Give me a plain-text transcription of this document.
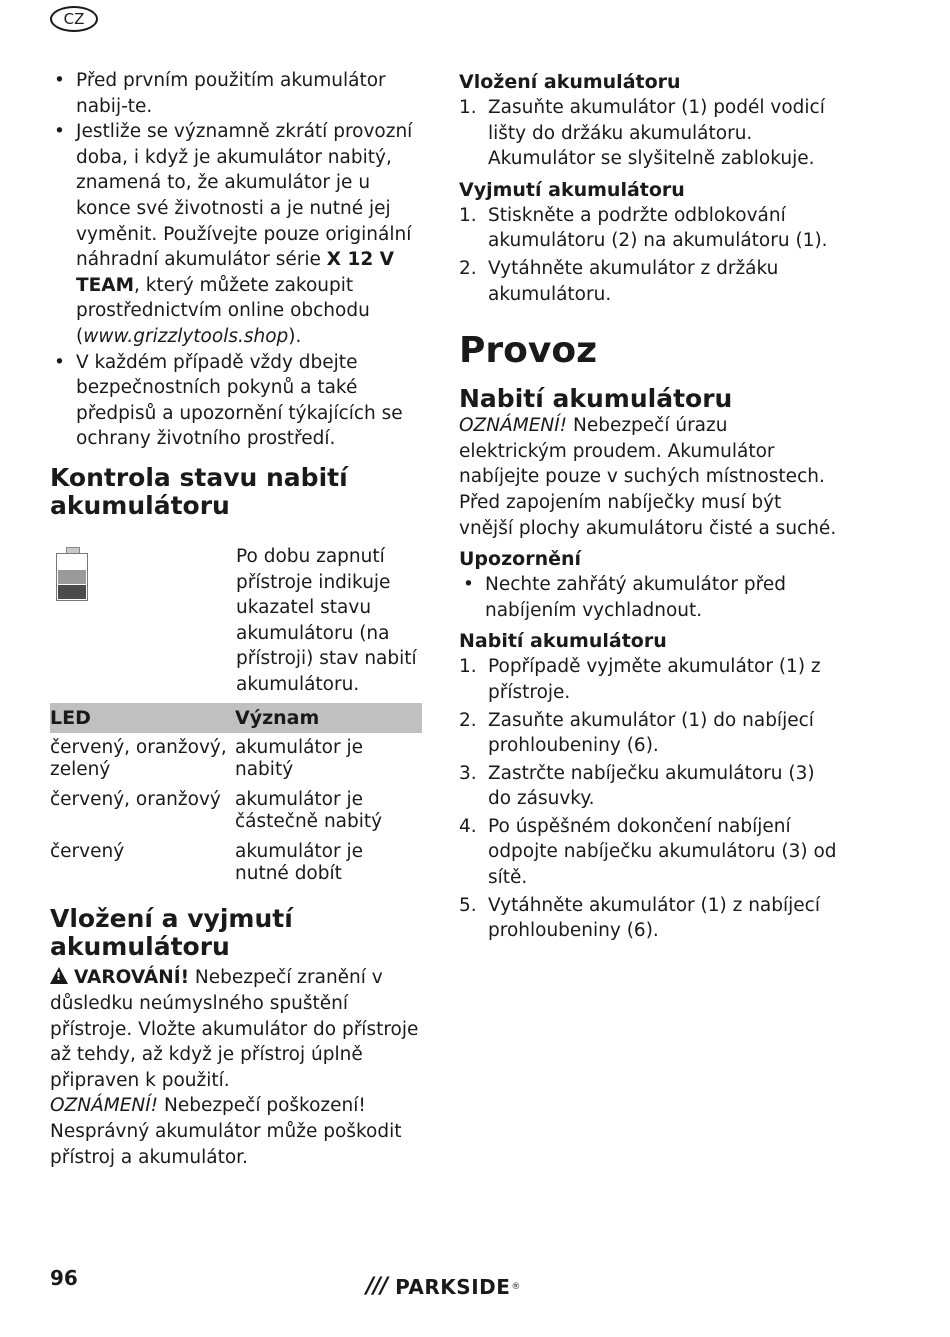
CZ
• Před prvním použitím akumulátor nabij-te.
• Jestliže se významně zkrátí provozní doba, i když je akumulátor nabitý, znamená to, že akumulátor je u konce své životnosti a je nutné jej vyměnit. Používejte pouze originální náhradní akumulátor série X 12 V TEAM, který můžete zakoupit prostřednictvím online obchodu (www.grizzlytools.shop).
• V každém případě vždy dbejte bezpečnostních pokynů a také předpisů a upozornění týkajících se ochrany životního prostředí.
Kontrola stavu nabití akumulátoru
Po dobu zapnutí přístroje indikuje ukazatel stavu akumulátoru (na přístroji) stav nabití akumulátoru.
LED	Význam
červený, oranžový, zelený	akumulátor je nabitý
červený, oranžový	akumulátor je částečně nabitý
červený	akumulátor je nutné dobít
Vložení a vyjmutí akumulátoru

!VAROVÁNÍ! Nebezpečí zranění v důsledku neúmyslného spuštění přístroje. Vložte akumulátor do přístroje až tehdy, až když je přístroj úplně připraven k použití.

OZNÁMENÍ! Nebezpečí poškození! Nesprávný akumulátor může poškodit přístroj a akumulátor.

Vložení akumulátoru
1. Zasuňte akumulátor (1) podél vodicí lišty do držáku akumulátoru. Akumulátor se slyšitelně zablokuje.
Vyjmutí akumulátoru
1. Stiskněte a podržte odblokování akumulátoru (2) na akumulátoru (1).
2. Vytáhněte akumulátor z držáku akumulátoru.
Provoz
Nabití akumulátoru

OZNÁMENÍ! Nebezpečí úrazu elektrickým proudem. Akumulátor nabíjejte pouze v suchých místnostech. Před zapojením nabíječky musí být vnější plochy akumulátoru čisté a suché.

Upozornění
• Nechte zahřátý akumulátor před nabíjením vychladnout.
Nabití akumulátoru
1. Popřípadě vyjměte akumulátor (1) z přístroje.
2. Zasuňte akumulátor (1) do nabíjecí prohloubeniny (6).
3. Zastrčte nabíječku akumulátoru (3) do zásuvky.
4. Po úspěšném dokončení nabíjení odpojte nabíječku akumulátoru (3) od sítě.
5. Vytáhněte akumulátor (1) z nabíjecí prohloubeniny (6).
96	/// PARKSIDE ®
